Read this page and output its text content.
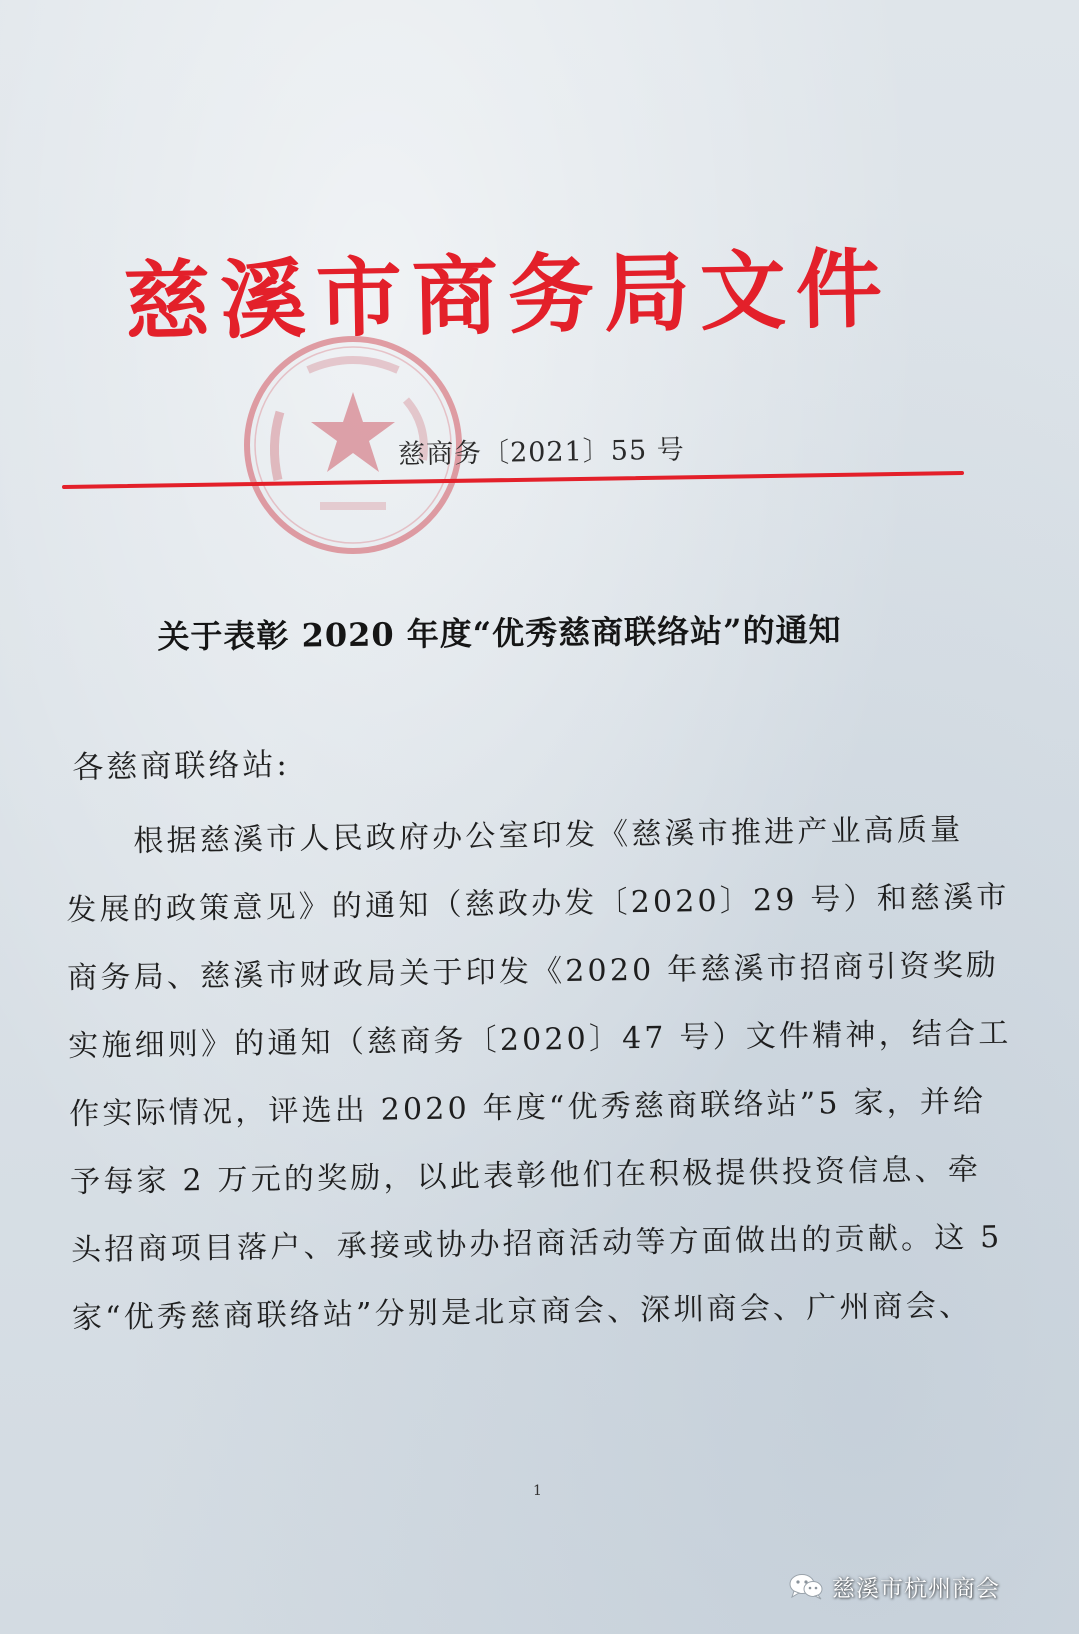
慈溪市商务局文件

慈商务〔2021〕55 号

关于表彰 2020 年度“优秀慈商联络站”的通知

各慈商联络站:

根据慈溪市人民政府办公室印发《慈溪市推进产业高质量
发展的政策意见》的通知（慈政办发〔2020〕29 号）和慈溪市
商务局、慈溪市财政局关于印发《2020 年慈溪市招商引资奖励
实施细则》的通知（慈商务〔2020〕47 号）文件精神，结合工
作实际情况，评选出 2020 年度“优秀慈商联络站”5 家，并给
予每家 2 万元的奖励，以此表彰他们在积极提供投资信息、牵
头招商项目落户、承接或协办招商活动等方面做出的贡献。这 5
家“优秀慈商联络站”分别是北京商会、深圳商会、广州商会、

1

慈溪市杭州商会
